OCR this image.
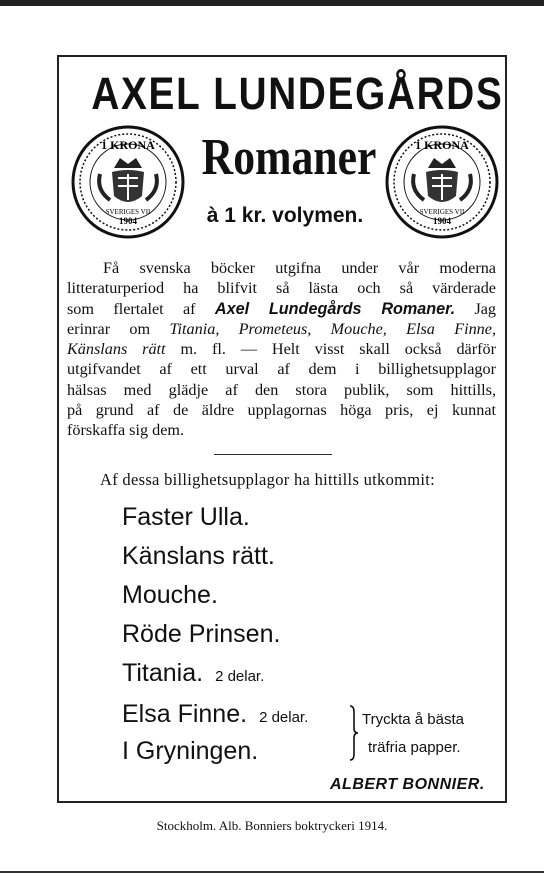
AXEL LUNDEGÅRDS
1 KRONA
1904
SVERIGES VII
Romaner
à 1 kr. volymen.
1 KRONA
1904
SVERIGES VII
Få svenska böcker utgifna under vår moderna
litteraturperiod ha blifvit så lästa och så värderade
som flertalet af Axel Lundegårds Romaner. Jag
erinrar om Titania, Prometeus, Mouche, Elsa Finne,
Känslans rätt m. fl. — Helt visst skall också därför
utgifvandet af ett urval af dem i billighetsupplagor
hälsas med glädje af den stora publik, som hittills,
på grund af de äldre upplagornas höga pris, ej kunnat
förskaffa sig dem.
Af dessa billighetsupplagor ha hittills utkommit:
Faster Ulla.
Känslans rätt.
Mouche.
Röde Prinsen.
Titania. 2 delar.
Elsa Finne. 2 delar.
I Gryningen.
Tryckta å bästa
träfria papper.
ALBERT BONNIER.
Stockholm. Alb. Bonniers boktryckeri 1914.
